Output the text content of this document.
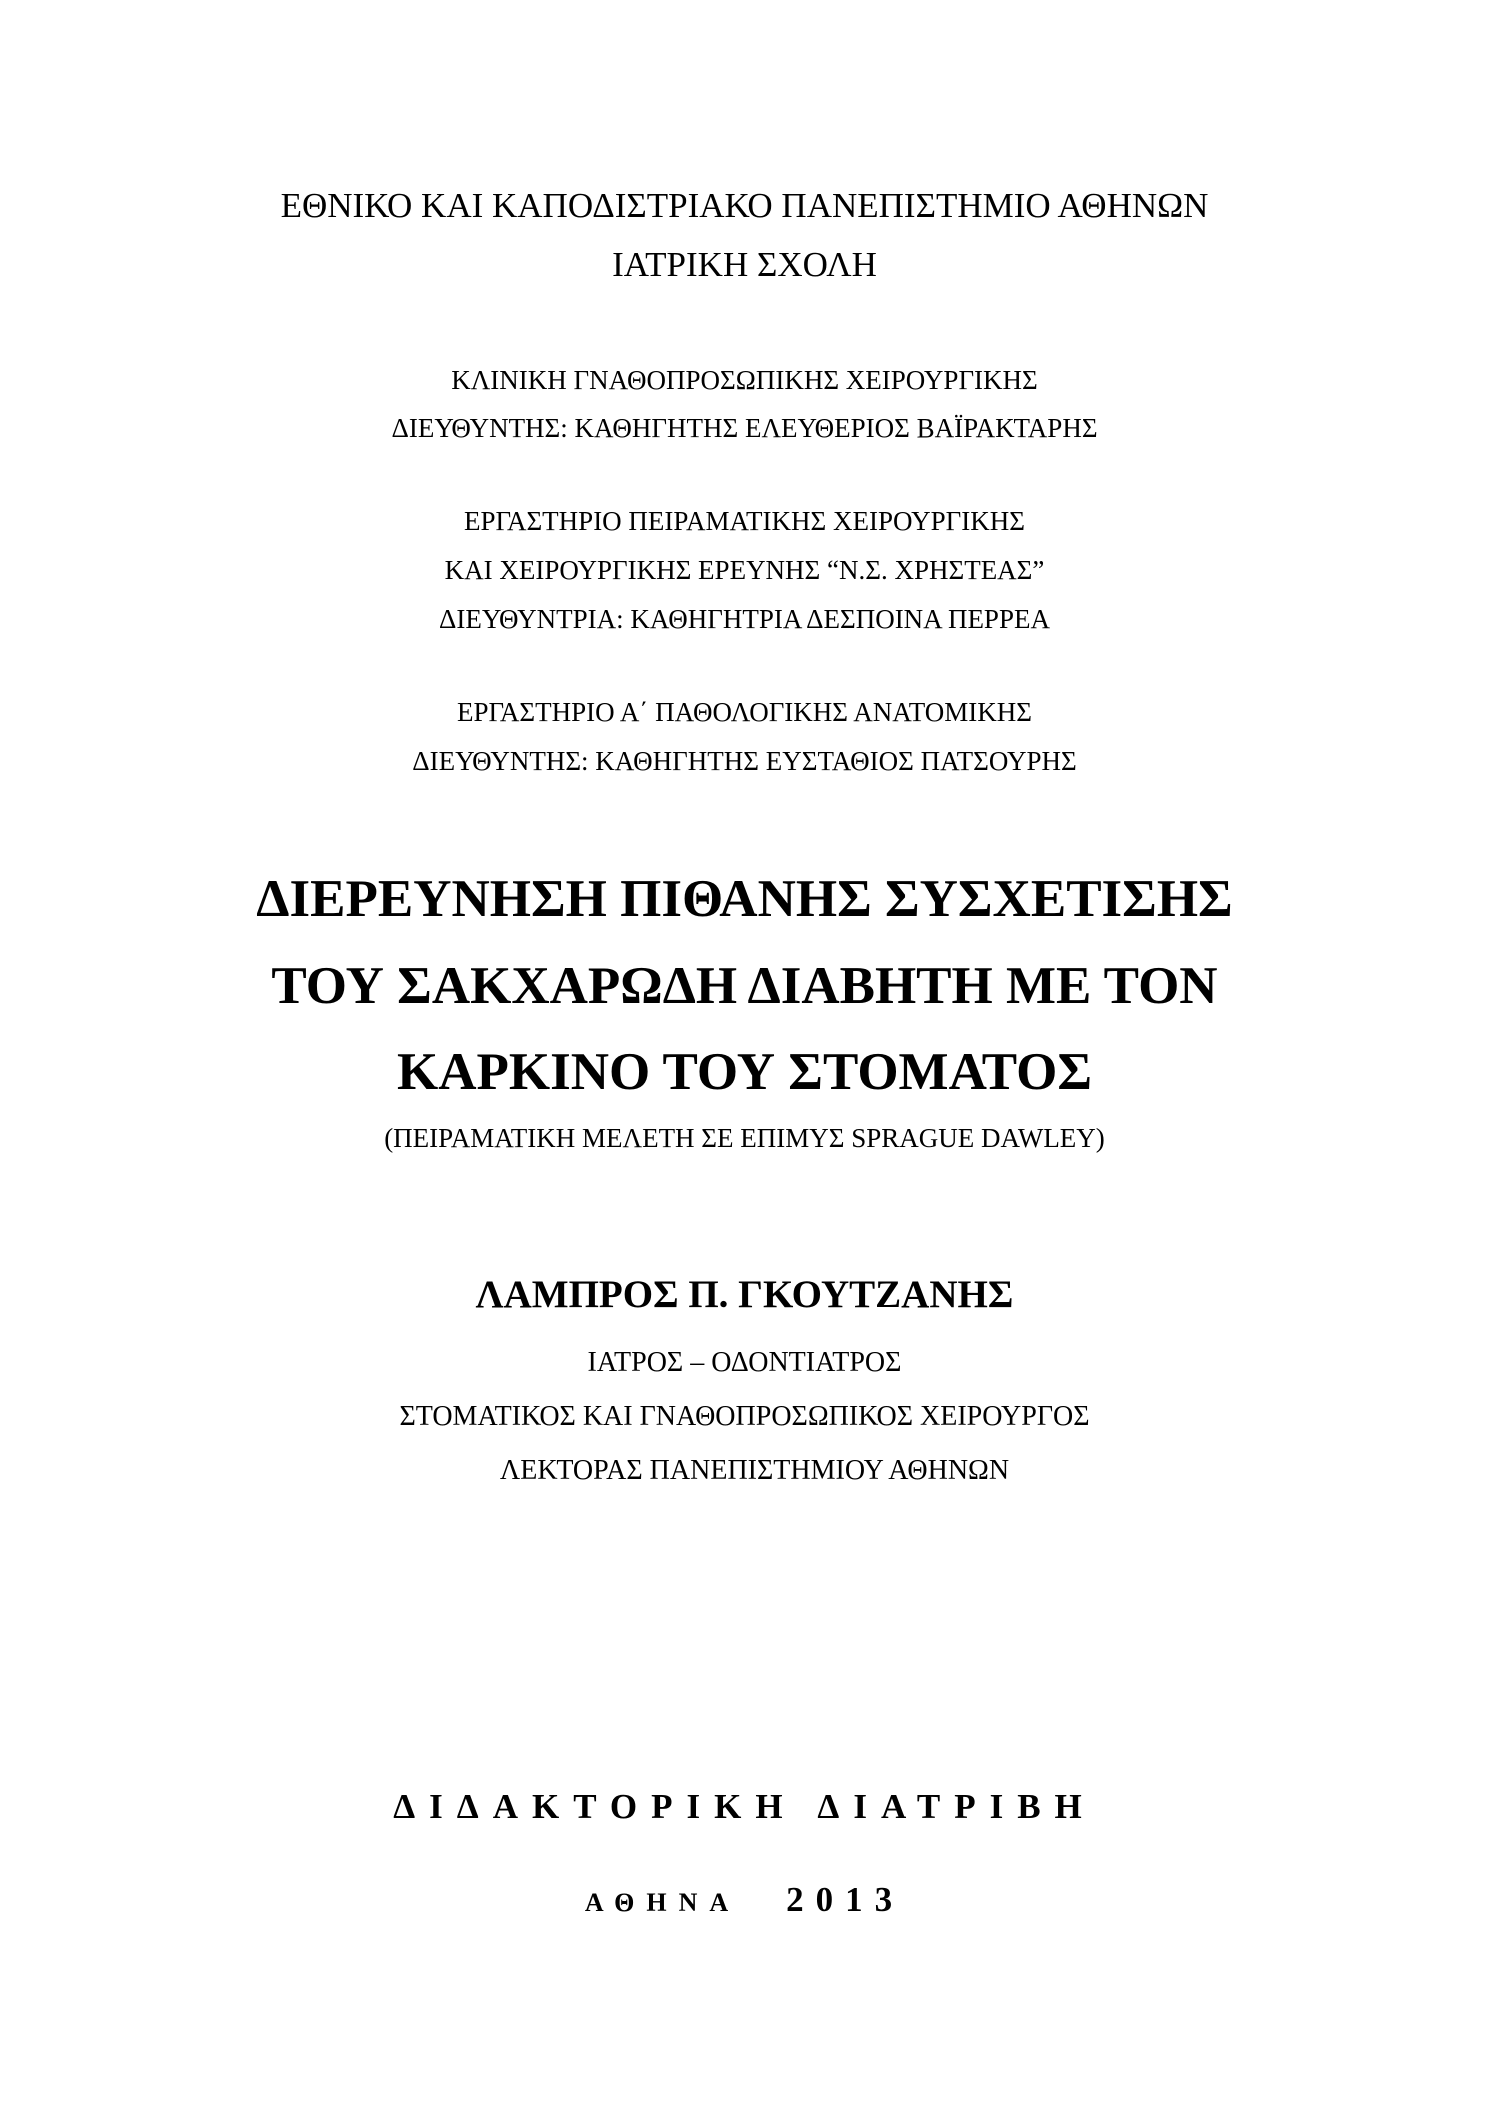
ΕΘΝΙΚΟ ΚΑΙ ΚΑΠΟΔΙΣΤΡΙΑΚΟ ΠΑΝΕΠΙΣΤΗΜΙΟ ΑΘΗΝΩΝ
ΙΑΤΡΙΚΗ ΣΧΟΛΗ
ΚΛΙΝΙΚΗ ΓΝΑΘΟΠΡΟΣΩΠΙΚΗΣ ΧΕΙΡΟΥΡΓΙΚΗΣ
ΔΙΕΥΘΥΝΤΗΣ: ΚΑΘΗΓΗΤΗΣ ΕΛΕΥΘΕΡΙΟΣ ΒΑΪΡΑΚΤΑΡΗΣ
ΕΡΓΑΣΤΗΡΙΟ ΠΕΙΡΑΜΑΤΙΚΗΣ ΧΕΙΡΟΥΡΓΙΚΗΣ
ΚΑΙ ΧΕΙΡΟΥΡΓΙΚΗΣ ΕΡΕΥΝΗΣ “Ν.Σ. ΧΡΗΣΤΕΑΣ”
ΔΙΕΥΘΥΝΤΡΙΑ: ΚΑΘΗΓΗΤΡΙΑ ΔΕΣΠΟΙΝΑ ΠΕΡΡΕΑ
ΕΡΓΑΣΤΗΡΙΟ Α΄ ΠΑΘΟΛΟΓΙΚΗΣ ΑΝΑΤΟΜΙΚΗΣ
ΔΙΕΥΘΥΝΤΗΣ: ΚΑΘΗΓΗΤΗΣ ΕΥΣΤΑΘΙΟΣ ΠΑΤΣΟΥΡΗΣ
ΔΙΕΡΕΥΝΗΣΗ ΠΙΘΑΝΗΣ ΣΥΣΧΕΤΙΣΗΣ
ΤΟΥ ΣΑΚΧΑΡΩΔΗ ΔΙΑΒΗΤΗ ΜΕ ΤΟΝ
ΚΑΡΚΙΝΟ ΤΟΥ ΣΤΟΜΑΤΟΣ
(ΠΕΙΡΑΜΑΤΙΚΗ ΜΕΛΕΤΗ ΣΕ ΕΠΙΜΥΣ SPRAGUE DAWLEY)
ΛΑΜΠΡΟΣ Π. ΓΚΟΥΤΖΑΝΗΣ
ΙΑΤΡΟΣ – ΟΔΟΝΤΙΑΤΡΟΣ
ΣΤΟΜΑΤΙΚΟΣ ΚΑΙ ΓΝΑΘΟΠΡΟΣΩΠΙΚΟΣ ΧΕΙΡΟΥΡΓΟΣ
ΛΕΚΤΟΡΑΣ ΠΑΝΕΠΙΣΤΗΜΙΟΥ ΑΘΗΝΩΝ
ΔΙΔΑΚΤΟΡΙΚΗ ΔΙΑΤΡΙΒΗ
ΑΘΗΝΑ 2013
